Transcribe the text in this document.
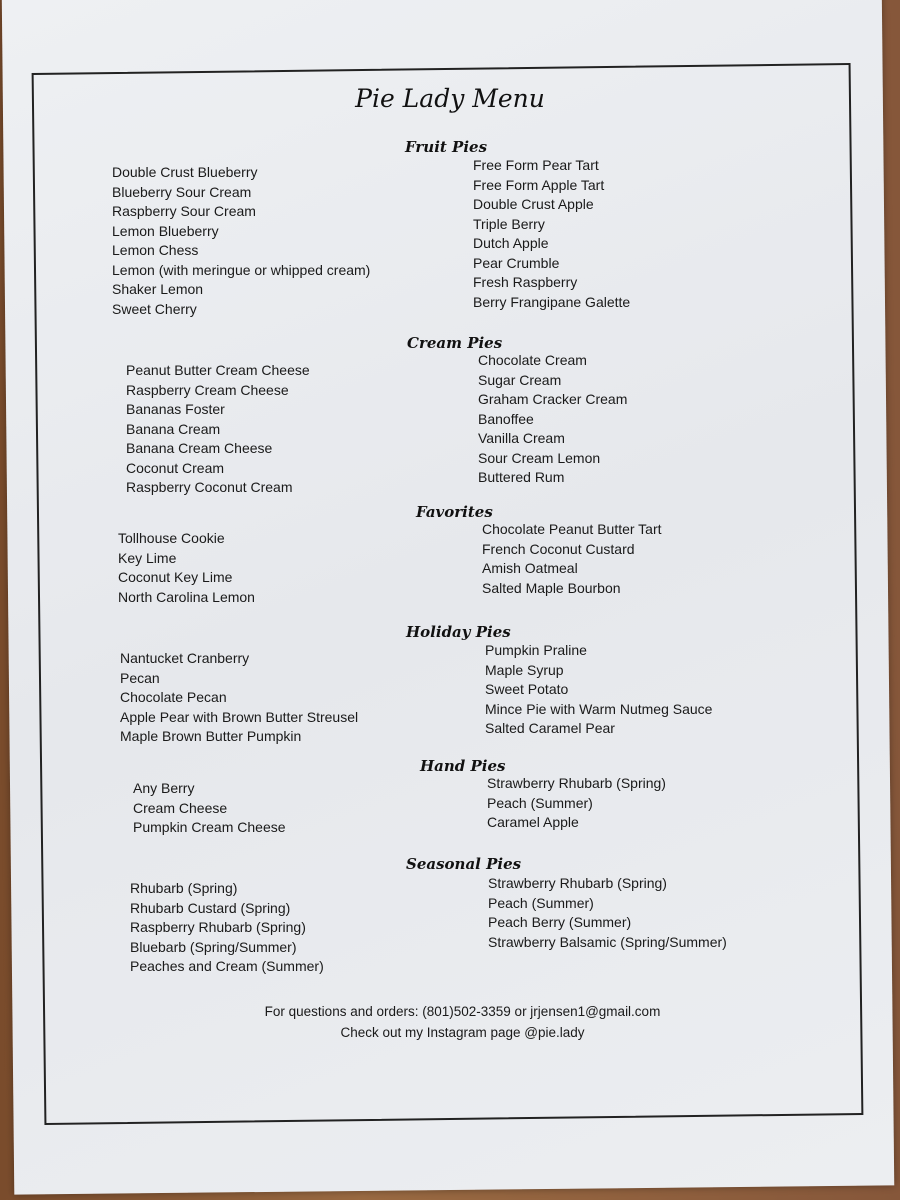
Pie Lady Menu
Fruit Pies
Double Crust Blueberry
Blueberry Sour Cream
Raspberry Sour Cream
Lemon Blueberry
Lemon Chess
Lemon (with meringue or whipped cream)
Shaker Lemon
Sweet Cherry
Free Form Pear Tart
Free Form Apple Tart
Double Crust Apple
Triple Berry
Dutch Apple
Pear Crumble
Fresh Raspberry
Berry Frangipane Galette
Cream Pies
Peanut Butter Cream Cheese
Raspberry Cream Cheese
Bananas Foster
Banana Cream
Banana Cream Cheese
Coconut Cream
Raspberry Coconut Cream
Chocolate Cream
Sugar Cream
Graham Cracker Cream
Banoffee
Vanilla Cream
Sour Cream Lemon
Buttered Rum
Favorites
Tollhouse Cookie
Key Lime
Coconut Key Lime
North Carolina Lemon
Chocolate Peanut Butter Tart
French Coconut Custard
Amish Oatmeal
Salted Maple Bourbon
Holiday Pies
Nantucket Cranberry
Pecan
Chocolate Pecan
Apple Pear with Brown Butter Streusel
Maple Brown Butter Pumpkin
Pumpkin Praline
Maple Syrup
Sweet Potato
Mince Pie with Warm Nutmeg Sauce
Salted Caramel Pear
Hand Pies
Any Berry
Cream Cheese
Pumpkin Cream Cheese
Strawberry Rhubarb (Spring)
Peach (Summer)
Caramel Apple
Seasonal Pies
Rhubarb (Spring)
Rhubarb Custard (Spring)
Raspberry Rhubarb (Spring)
Bluebarb (Spring/Summer)
Peaches and Cream (Summer)
Strawberry Rhubarb (Spring)
Peach (Summer)
Peach Berry (Summer)
Strawberry Balsamic (Spring/Summer)
For questions and orders: (801)502-3359 or jrjensen1@gmail.com
Check out my Instagram page @pie.lady
